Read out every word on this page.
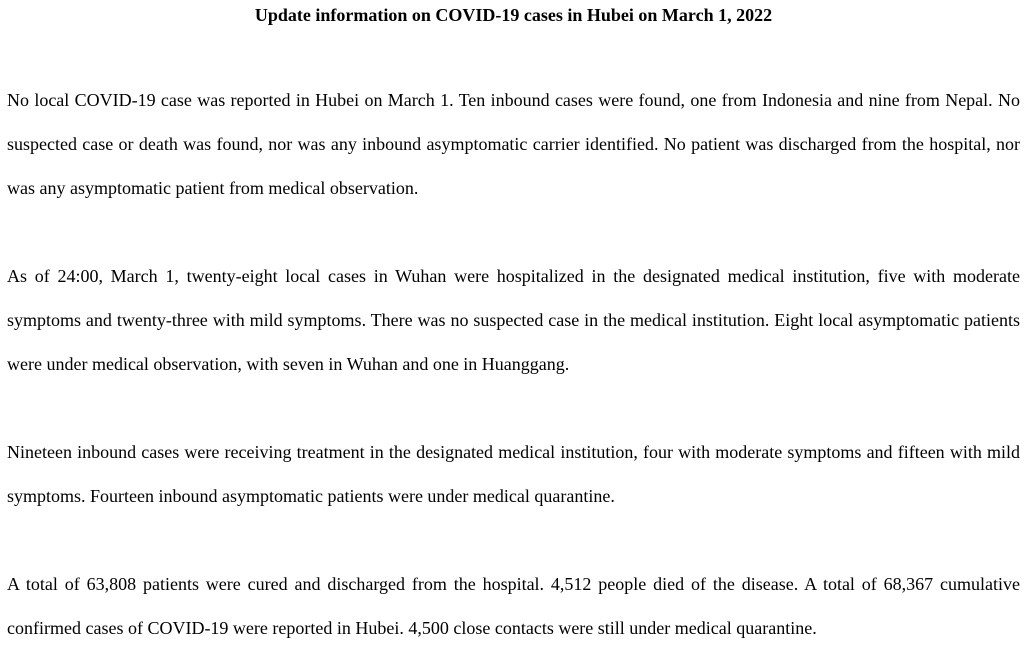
Update information on COVID-19 cases in Hubei on March 1, 2022

No local COVID-19 case was reported in Hubei on March 1. Ten inbound cases were found, one from Indonesia and nine from Nepal. No suspected case or death was found, nor was any inbound asymptomatic carrier identified. No patient was discharged from the hospital, nor was any asymptomatic patient from medical observation.

As of 24:00, March 1, twenty-eight local cases in Wuhan were hospitalized in the designated medical institution, five with moderate symptoms and twenty-three with mild symptoms. There was no suspected case in the medical institution. Eight local asymptomatic patients were under medical observation, with seven in Wuhan and one in Huanggang.

Nineteen inbound cases were receiving treatment in the designated medical institution, four with moderate symptoms and fifteen with mild symptoms. Fourteen inbound asymptomatic patients were under medical quarantine.

A total of 63,808 patients were cured and discharged from the hospital. 4,512 people died of the disease. A total of 68,367 cumulative confirmed cases of COVID-19 were reported in Hubei. 4,500 close contacts were still under medical quarantine.
